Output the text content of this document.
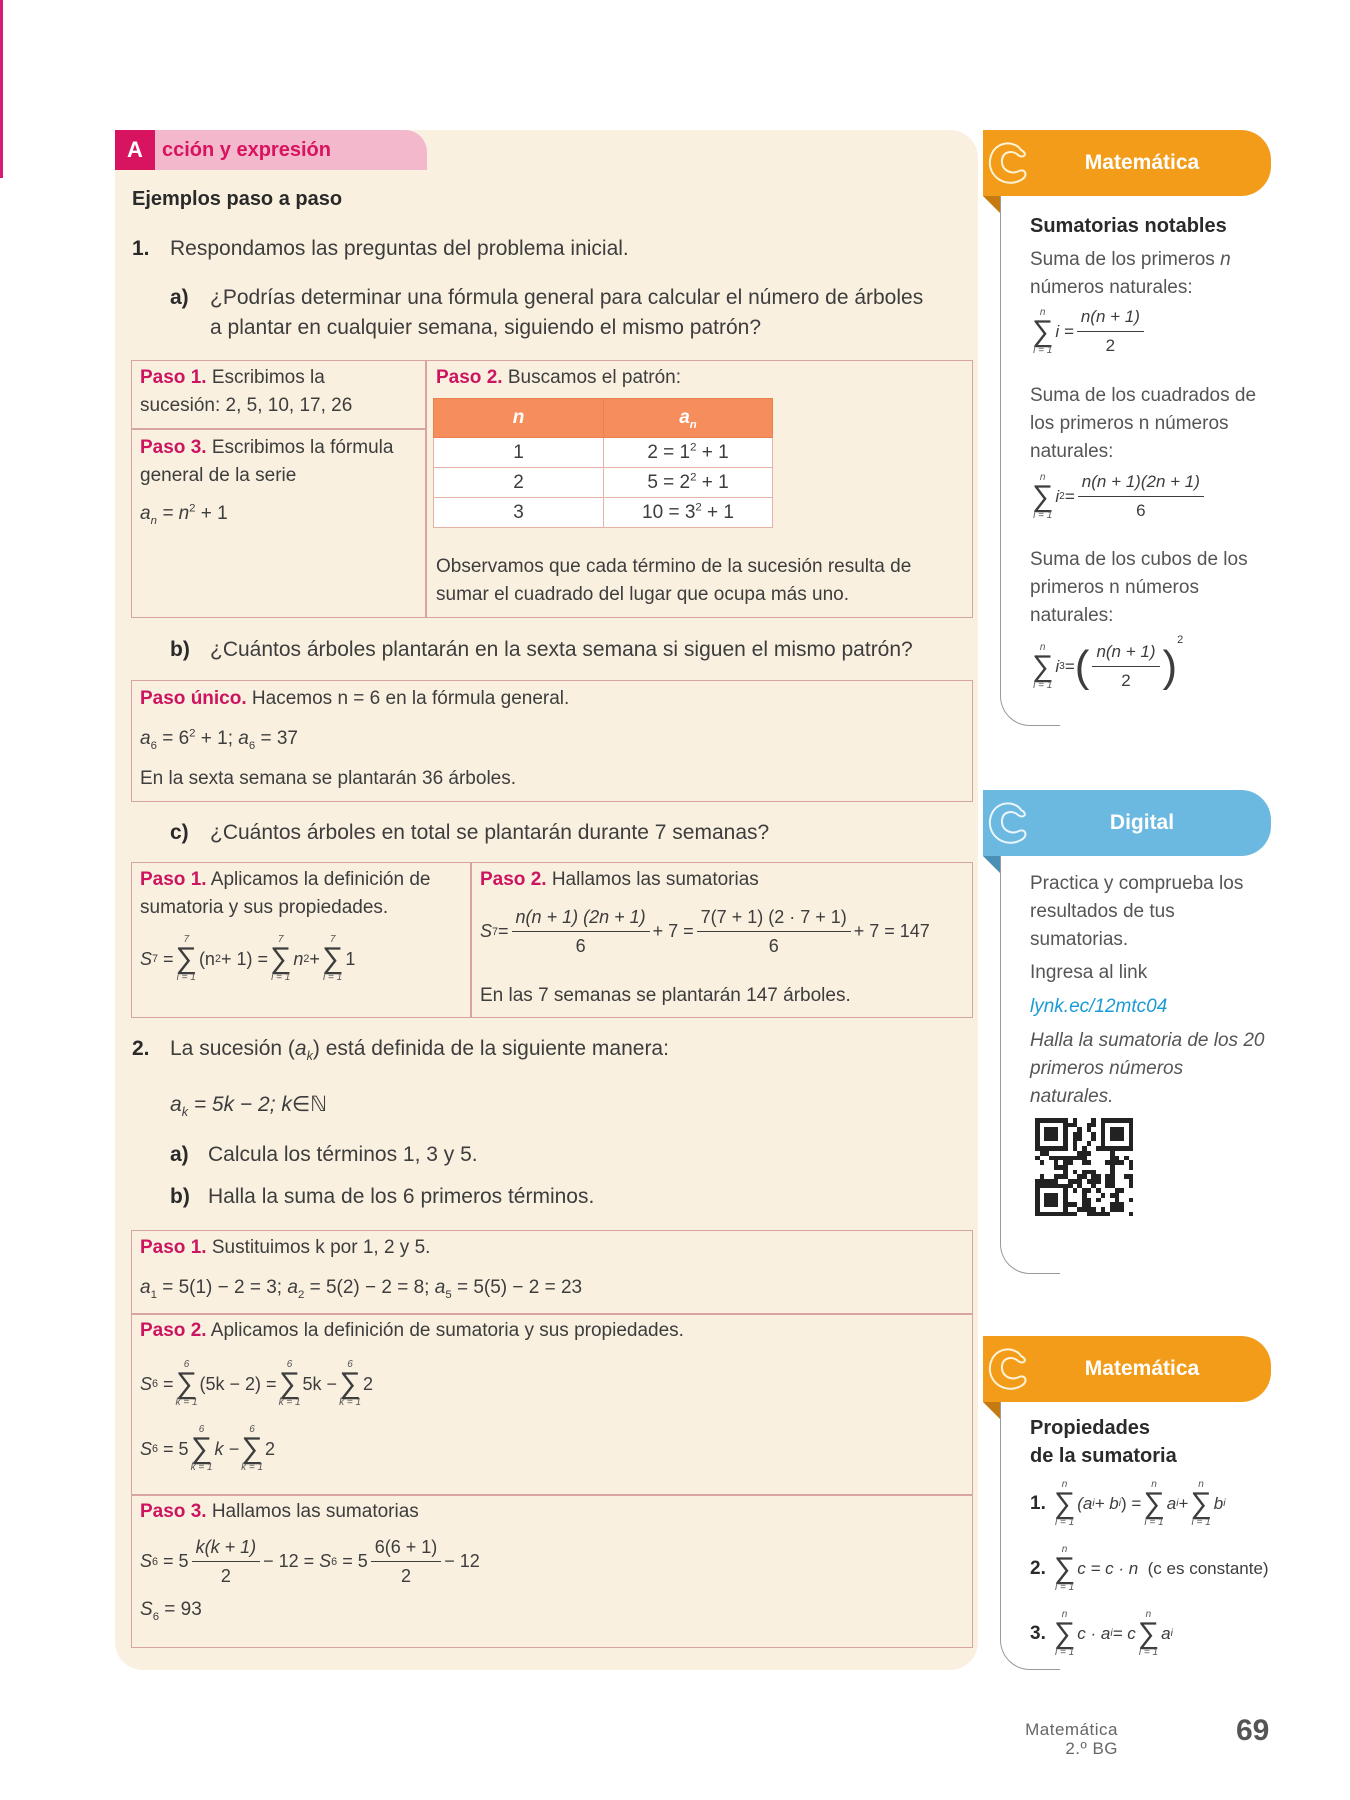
A cción y expresión
Ejemplos paso a paso
1. Respondamos las preguntas del problema inicial.
a) ¿Podrías determinar una fórmula general para calcular el número de árboles
a plantar en cualquier semana, siguiendo el mismo patrón?
Paso 1. Escribimos la
sucesión: 2, 5, 10, 17, 26
Paso 3. Escribimos la fórmula
general de la serie
$a_n = n^2 + 1$
Paso 2. Buscamos el patrón:
n	$a_n$
1	$2 = 1^2 + 1$
2	$5 = 2^2 + 1$
3	$10 = 3^2 + 1$
Observamos que cada término de la sucesión resulta de
sumar el cuadrado del lugar que ocupa más uno.
b) ¿Cuántos árboles plantarán en la sexta semana si siguen el mismo patrón?
Paso único. Hacemos n = 6 en la fórmula general.
$a_6 = 6^2 + 1$; $a_6 = 37$
En la sexta semana se plantarán 36 árboles.
c) ¿Cuántos árboles en total se plantarán durante 7 semanas?
Paso 1. Aplicamos la definición de
sumatoria y sus propiedades.
S 7 =
7
∑
i = 1
(n 2 + 1) =
7
∑
i = 1
n 2 +
7
∑
i = 1
1
Paso 2. Hallamos las sumatorias
S $7 = \frac{n(n + 1) (2n + 1)}{6} + 7 = \frac{7(7 + 1) (2 \cdot 7 + 1)}{6} + 7 = 147$
En las 7 semanas se plantarán 147 árboles.
2. La sucesión $(a_k)$ está definida de la siguiente manera:
$a_k = 5k - 2$; k∈ℕ
a) Calcula los términos 1, 3 y 5.
b) Halla la suma de los 6 primeros términos.
Paso 1. Sustituimos k por 1, 2 y 5.
$a_1 = 5(1) - 2 = 3$; $a_2 = 5(2) - 2 = 8$; $a_5 = 5(5) - 2 = 23$
Paso 2. Aplicamos la definición de sumatoria y sus propiedades.
S 6 =
6
∑
k = 1
(5k − 2) =
6
∑
k = 1
5k −
6
∑
k = 1
2
S 6
= 5
6
∑
k = 1
k −
6
∑
k = 1
2
Paso 3. Hallamos las sumatorias
S 6
= $5 \frac{k(k + 1)}{2} - 12$ =
S 6
= $5 \frac{6(6 + 1)}{2} - 12$
$S_6 = 93$
Matemática
Sumatorias notables
Suma de los primeros n
números naturales:
n
∑
i = 1
$i = \frac{n(n + 1)}{2}$
Suma de los cuadrados de
los primeros n números
naturales:
n
∑
i = 1
i $2 = \frac{n(n + 1)(2n + 1)}{6}$
Suma de los cubos de los
primeros n números
naturales:
n
∑
i = 1
i 3 = ( $\frac{n(n + 1)}{2}$ )
2
Digital
Practica y comprueba los
resultados de tus
sumatorias.
Ingresa al link
lynk.ec/12mtc04
Halla la sumatoria de los 20
primeros números
naturales.
Matemática
Propiedades
de la sumatoria
1.
n
∑
i = 1
(a i + b i ) =
n
∑
i = 1
a i +
n
∑
i = 1
b i
2.
n
∑
i = 1
c = c · n
(c es constante)
3.
n
∑
i = 1
c · a i = c
n
∑
i = 1
a i
Matemática
2.º BG
69
